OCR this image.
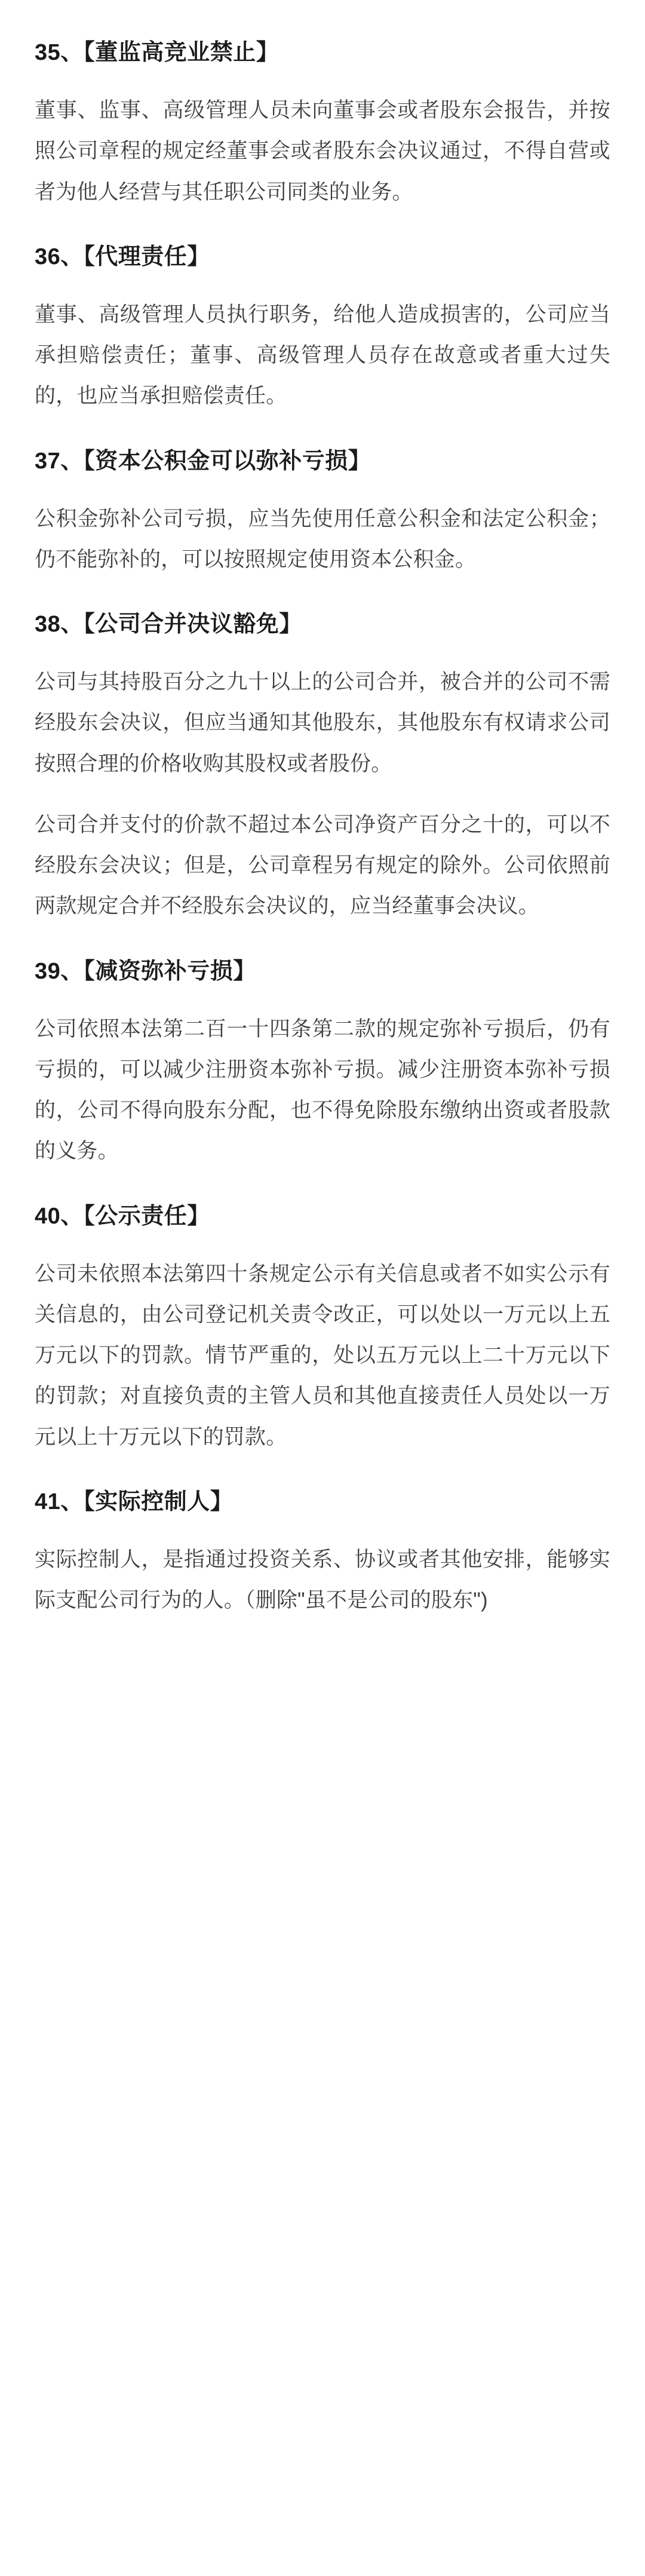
35、【董监高竞业禁止】

董事、监事、高级管理人员未向董事会或者股东会报告，并按照公司章程的规定经董事会或者股东会决议通过，不得自营或者为他人经营与其任职公司同类的业务。

36、【代理责任】

董事、高级管理人员执行职务，给他人造成损害的，公司应当承担赔偿责任；董事、高级管理人员存在故意或者重大过失的，也应当承担赔偿责任。

37、【资本公积金可以弥补亏损】

公积金弥补公司亏损，应当先使用任意公积金和法定公积金；仍不能弥补的，可以按照规定使用资本公积金。

38、【公司合并决议豁免】

公司与其持股百分之九十以上的公司合并，被合并的公司不需经股东会决议，但应当通知其他股东，其他股东有权请求公司按照合理的价格收购其股权或者股份。

公司合并支付的价款不超过本公司净资产百分之十的，可以不经股东会决议；但是，公司章程另有规定的除外。公司依照前两款规定合并不经股东会决议的，应当经董事会决议。

39、【减资弥补亏损】

公司依照本法第二百一十四条第二款的规定弥补亏损后，仍有亏损的，可以减少注册资本弥补亏损。减少注册资本弥补亏损的，公司不得向股东分配，也不得免除股东缴纳出资或者股款的义务。

40、【公示责任】

公司未依照本法第四十条规定公示有关信息或者不如实公示有关信息的，由公司登记机关责令改正，可以处以一万元以上五万元以下的罚款。情节严重的，处以五万元以上二十万元以下的罚款；对直接负责的主管人员和其他直接责任人员处以一万元以上十万元以下的罚款。

41、【实际控制人】

实际控制人，是指通过投资关系、协议或者其他安排，能够实际支配公司行为的人。（删除"虽不是公司的股东")
